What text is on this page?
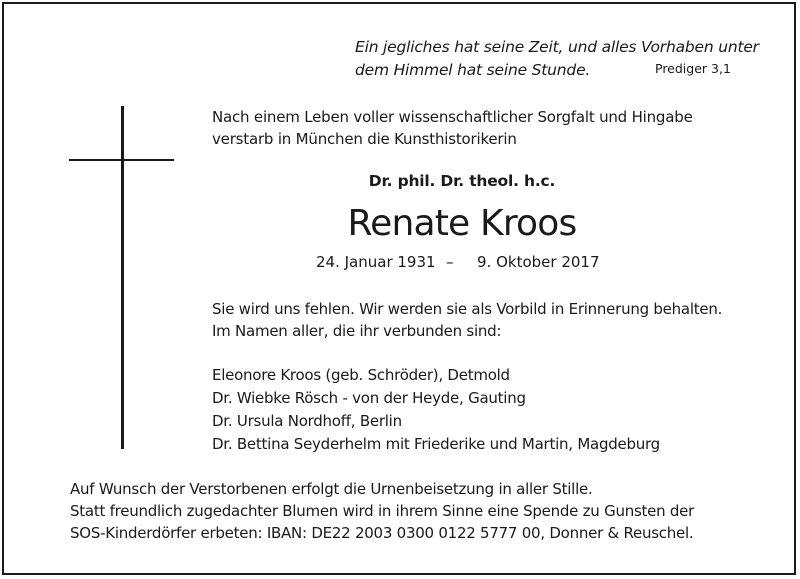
Ein jegliches hat seine Zeit, und alles Vorhaben unter
dem Himmel hat seine Stunde.	Prediger 3,1
Nach einem Leben voller wissenschaftlicher Sorgfalt und Hingabe
verstarb in München die Kunsthistorikerin
Dr. phil. Dr. theol. h.c.
Renate Kroos
24. Januar 1931 – 9. Oktober 2017
Sie wird uns fehlen. Wir werden sie als Vorbild in Erinnerung behalten.
Im Namen aller, die ihr verbunden sind:
Eleonore Kroos (geb. Schröder), Detmold
Dr. Wiebke Rösch - von der Heyde, Gauting
Dr. Ursula Nordhoff, Berlin
Dr. Bettina Seyderhelm mit Friederike und Martin, Magdeburg
Auf Wunsch der Verstorbenen erfolgt die Urnenbeisetzung in aller Stille.
Statt freundlich zugedachter Blumen wird in ihrem Sinne eine Spende zu Gunsten der
SOS-Kinderdörfer erbeten: IBAN: DE22 2003 0300 0122 5777 00, Donner & Reuschel.
